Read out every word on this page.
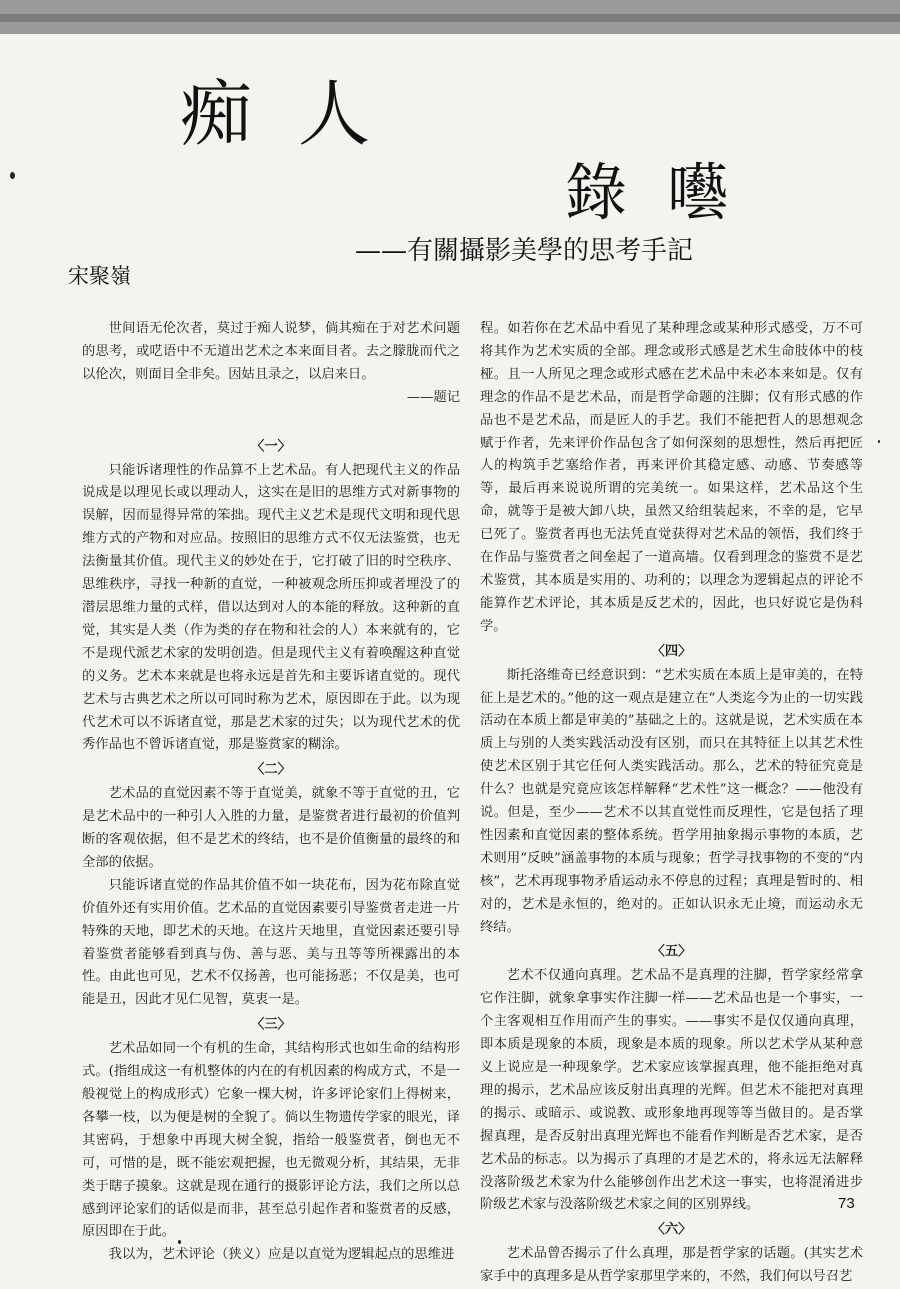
痴人
錄囈
——有關攝影美學的思考手記
宋聚嶺

世间语无伦次者，莫过于痴人说梦，倘其痴在于对艺术问题的思考，或呓语中不无道出艺术之本来面目者。去之朦胧而代之以伦次，则面目全非矣。因姑且录之，以启来日。

——题记

〈一〉

只能诉诸理性的作品算不上艺术品。有人把现代主义的作品说成是以理见长或以理动人，这实在是旧的思维方式对新事物的误解，因而显得异常的笨拙。现代主义艺术是现代文明和现代思维方式的产物和对应品。按照旧的思维方式不仅无法鉴赏，也无法衡量其价值。现代主义的妙处在于，它打破了旧的时空秩序、思维秩序，寻找一种新的直觉，一种被观念所压抑或者埋没了的潜层思维力量的式样，借以达到对人的本能的释放。这种新的直觉，其实是人类（作为类的存在物和社会的人）本来就有的，它不是现代派艺术家的发明创造。但是现代主义有着唤醒这种直觉的义务。艺术本来就是也将永远是首先和主要诉诸直觉的。现代艺术与古典艺术之所以可同时称为艺术，原因即在于此。以为现代艺术可以不诉诸直觉，那是艺术家的过失；以为现代艺术的优秀作品也不曾诉诸直觉，那是鉴赏家的糊涂。

〈二〉

艺术品的直觉因素不等于直觉美，就象不等于直觉的丑，它是艺术品中的一种引人入胜的力量，是鉴赏者进行最初的价值判断的客观依据，但不是艺术的终结，也不是价值衡量的最终的和全部的依据。

只能诉诸直觉的作品其价值不如一块花布，因为花布除直觉价值外还有实用价值。艺术品的直觉因素要引导鉴赏者走进一片特殊的天地，即艺术的天地。在这片天地里，直觉因素还要引导着鉴赏者能够看到真与伪、善与恶、美与丑等等所裸露出的本性。由此也可见，艺术不仅扬善，也可能扬恶；不仅是美，也可能是丑，因此才见仁见智，莫衷一是。

〈三〉

艺术品如同一个有机的生命，其结构形式也如生命的结构形式。(指组成这一有机整体的内在的有机因素的构成方式，不是一般视觉上的构成形式）它象一棵大树，许多评论家们上得树来，各攀一枝，以为便是树的全貌了。倘以生物遗传学家的眼光，译其密码，于想象中再现大树全貌，指给一般鉴赏者，倒也无不可，可惜的是，既不能宏观把握，也无微观分析，其结果，无非类于瞎子摸象。这就是现在通行的摄影评论方法，我们之所以总感到评论家们的话似是而非，甚至总引起作者和鉴赏者的反感，原因即在于此。

我以为，艺术评论（狭义）应是以直觉为逻辑起点的思维进

程。如若你在艺术品中看见了某种理念或某种形式感受，万不可将其作为艺术实质的全部。理念或形式感是艺术生命肢体中的枝桠。且一人所见之理念或形式感在艺术品中未必本来如是。仅有理念的作品不是艺术品，而是哲学命题的注脚；仅有形式感的作品也不是艺术品，而是匠人的手艺。我们不能把哲人的思想观念赋于作者，先来评价作品包含了如何深刻的思想性，然后再把匠人的构筑手艺塞给作者，再来评价其稳定感、动感、节奏感等等，最后再来说说所谓的完美统一。如果这样，艺术品这个生命，就等于是被大卸八块，虽然又给组装起来，不幸的是，它早已死了。鉴赏者再也无法凭直觉获得对艺术品的领悟，我们终于在作品与鉴赏者之间垒起了一道高墙。仅看到理念的鉴赏不是艺术鉴赏，其本质是实用的、功利的；以理念为逻辑起点的评论不能算作艺术评论，其本质是反艺术的，因此，也只好说它是伪科学。

〈四〉

斯托洛维奇已经意识到：“艺术实质在本质上是审美的，在特征上是艺术的。”他的这一观点是建立在“人类迄今为止的一切实践活动在本质上都是审美的”基础之上的。这就是说，艺术实质在本质上与别的人类实践活动没有区别，而只在其特征上以其艺术性使艺术区别于其它任何人类实践活动。那么，艺术的特征究竟是什么？也就是究竟应该怎样解释“艺术性”这一概念？——他没有说。但是，至少——艺术不以其直觉性而反理性，它是包括了理性因素和直觉因素的整体系统。哲学用抽象揭示事物的本质，艺术则用“反映”涵盖事物的本质与现象；哲学寻找事物的不变的“内核”，艺术再现事物矛盾运动永不停息的过程；真理是暂时的、相对的，艺术是永恒的，绝对的。正如认识永无止境，而运动永无终结。

〈五〉

艺术不仅通向真理。艺术品不是真理的注脚，哲学家经常拿它作注脚，就象拿事实作注脚一样——艺术品也是一个事实，一个主客观相互作用而产生的事实。——事实不是仅仅通向真理，即本质是现象的本质，现象是本质的现象。所以艺术学从某种意义上说应是一种现象学。艺术家应该掌握真理，他不能拒绝对真理的揭示，艺术品应该反射出真理的光辉。但艺术不能把对真理的揭示、或暗示、或说教、或形象地再现等等当做目的。是否掌握真理，是否反射出真理光辉也不能看作判断是否艺术家，是否艺术品的标志。以为揭示了真理的才是艺术的，将永远无法解释没落阶级艺术家为什么能够创作出艺术这一事实，也将混淆进步阶级艺术家与没落阶级艺术家之间的区别界线。

〈六〉

艺术品曾否揭示了什么真理，那是哲学家的话题。(其实艺术家手中的真理多是从哲学家那里学来的，不然，我们何以号召艺

73
